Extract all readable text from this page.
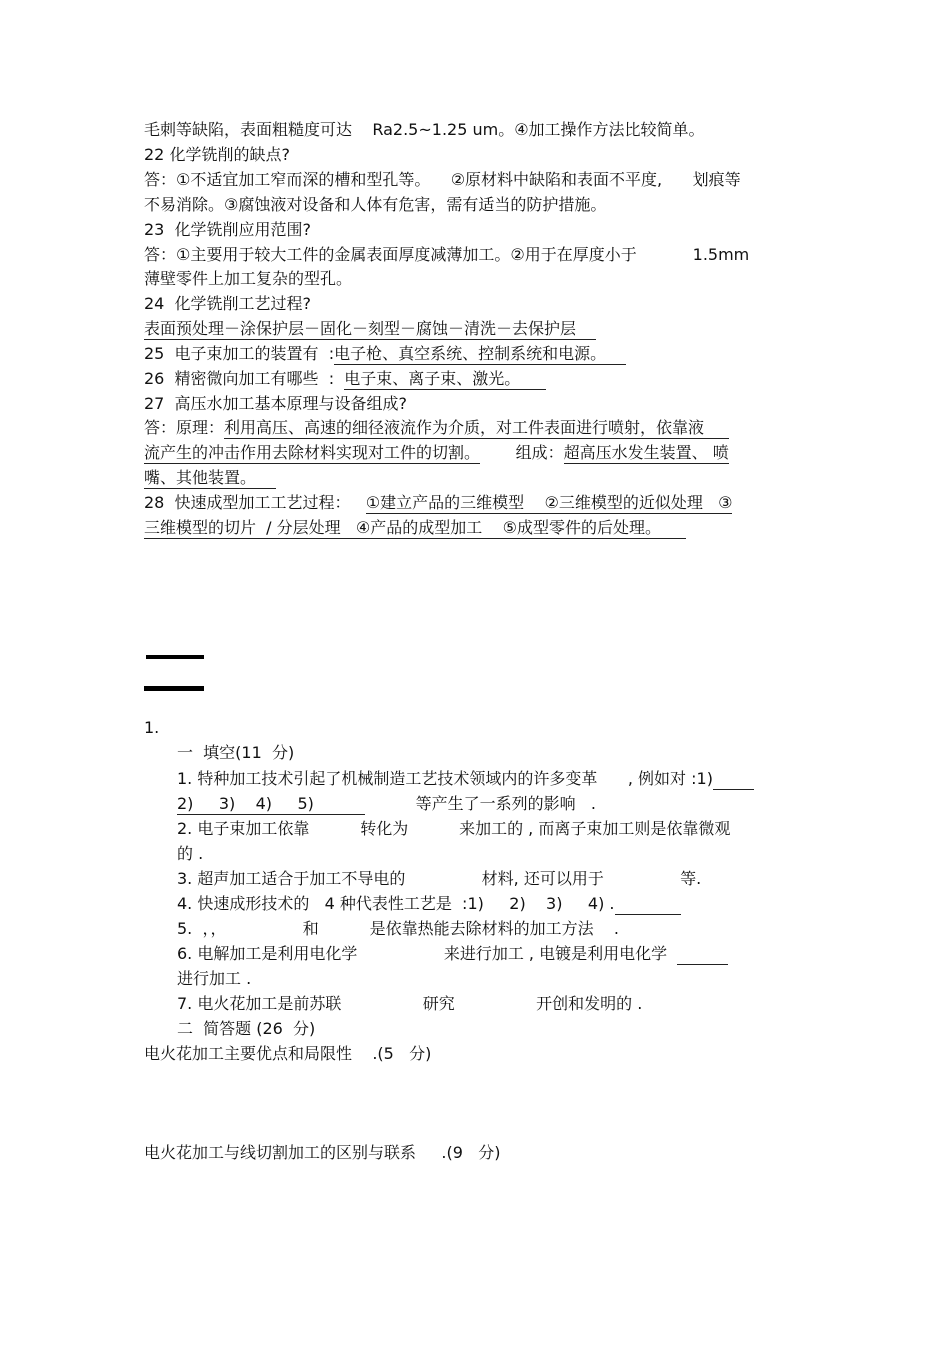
毛刺等缺陷，表面粗糙度可达    Ra2.5~1.25 um。④加工操作方法比较简单。
22 化学铣削的缺点?
答：①不适宜加工窄而深的槽和型孔等。    ②原材料中缺陷和表面不平度,      划痕等
不易消除。③腐蚀液对设备和人体有危害，需有适当的防护措施。
23  化学铣削应用范围?
答：①主要用于较大工件的金属表面厚度减薄加工。②用于在厚度小于           1.5mm
薄壁零件上加工复杂的型孔。
24  化学铣削工艺过程?
表面预处理－涂保护层－固化－刻型－腐蚀－清洗－去保护层
25  电子束加工的装置有  :电子枪、真空系统、控制系统和电源。
26  精密微向加工有哪些  :  电子束、离子束、激光。
27  高压水加工基本原理与设备组成?
答：原理：利用高压、高速的细径液流作为介质，对工件表面进行喷射，依靠液
流产生的冲击作用去除材料实现对工件的切割。       组成：超高压水发生装置、 喷
嘴、其他装置。
28  快速成型加工工艺过程：   ①建立产品的三维模型    ②三维模型的近似处理   ③
三维模型的切片  / 分层处理   ④产品的成型加工    ⑤成型零件的后处理。
1.
一  填空(11  分)
1. 特种加工技术引起了机械制造工艺技术领域内的许多变革      , 例如对 :1)
2)     3)    4)     5)	等产生了一系列的影响   .
2. 电子束加工依靠          转化为          来加工的 , 而离子束加工则是依靠微观
的 .
3. 超声加工适合于加工不导电的               材料, 还可以用于               等.
4. 快速成形技术的   4 种代表性工艺是  :1)     2)    3)     4) .
5.  ，，               和          是依靠热能去除材料的加工方法    .
6. 电解加工是利用电化学                 来进行加工 , 电镀是利用电化学
进行加工 .
7. 电火花加工是前苏联                研究                开创和发明的 .
二  简答题 (26  分)
电火花加工主要优点和局限性    .(5   分)
电火花加工与线切割加工的区别与联系     .(9   分)
